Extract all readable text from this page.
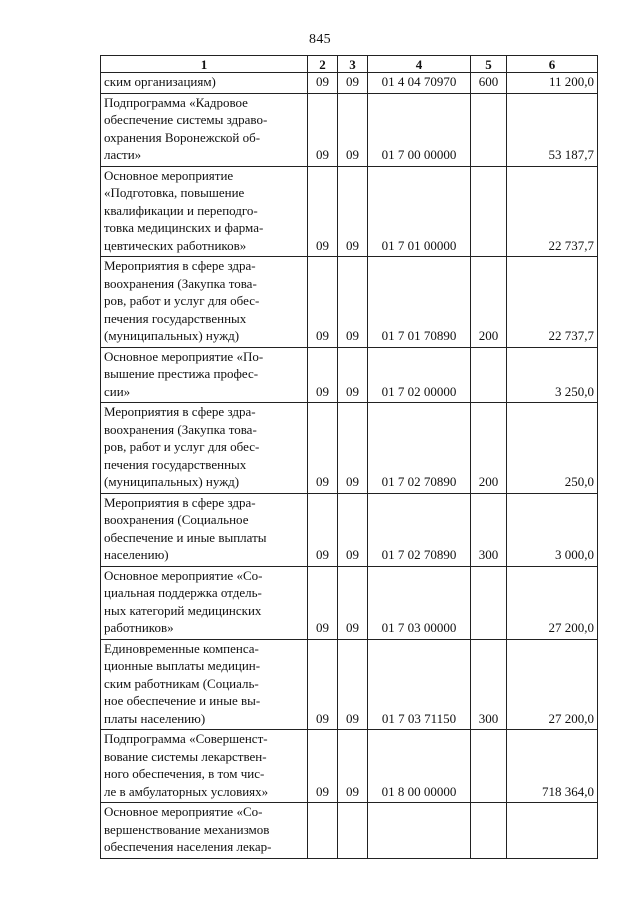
845
1	2	3	4	5	6

ским организациям)	09	09	01 4 04 70970	600	11 200,0

Подпрограмма «Кадровое
обеспечение системы здраво-
охранения Воронежской об-
ласти»	09	09	01 7 00 00000		53 187,7

Основное мероприятие
«Подготовка, повышение
квалификации и переподго-
товка медицинских и фарма-
цевтических работников»	09	09	01 7 01 00000		22 737,7

Мероприятия в сфере здра-
воохранения (Закупка това-
ров, работ и услуг для обес-
печения государственных
(муниципальных) нужд)	09	09	01 7 01 70890	200	22 737,7

Основное мероприятие «По-
вышение престижа профес-
сии»	09	09	01 7 02 00000		3 250,0

Мероприятия в сфере здра-
воохранения (Закупка това-
ров, работ и услуг для обес-
печения государственных
(муниципальных) нужд)	09	09	01 7 02 70890	200	250,0

Мероприятия в сфере здра-
воохранения (Социальное
обеспечение и иные выплаты
населению)	09	09	01 7 02 70890	300	3 000,0

Основное мероприятие «Со-
циальная поддержка отдель-
ных категорий медицинских
работников»	09	09	01 7 03 00000		27 200,0

Единовременные компенса-
ционные выплаты медицин-
ским работникам (Социаль-
ное обеспечение и иные вы-
платы населению)	09	09	01 7 03 71150	300	27 200,0

Подпрограмма «Совершенст-
вование системы лекарствен-
ного обеспечения, в том чис-
ле в амбулаторных условиях»	09	09	01 8 00 00000		718 364,0

Основное мероприятие «Со-
вершенствование механизмов
обеспечения населения лекар-					
